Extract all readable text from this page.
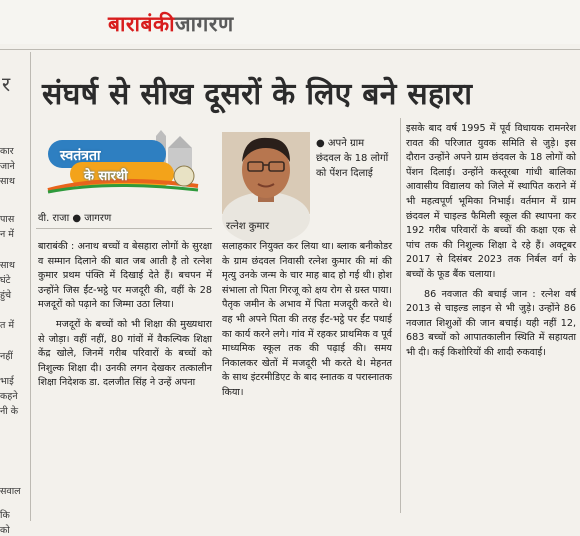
बाराबंकीजागरण
र
कार
जाने
साथ
पास
न में
साथ
घंटे
हुंचे
त में
नहीं
भाई
कहने
नी के
सवाल
कि
को
संघर्ष से सीख दूसरों के लिए बने सहारा
स्वतंत्रता
के सारथी
वी. राजा ● जागरण
रत्नेश कुमार
● अपने ग्राम छंदवल के 18 लोगों को पेंशन दिलाई

बाराबंकी : अनाथ बच्चों व बेसहारा लोगों के सुरक्षा व सम्मान दिलाने की बात जब आती है तो रत्नेश कुमार प्रथम पंक्ति में दिखाई देते हैं। बचपन में उन्होंने जिस ईंट-भट्ठे पर मजदूरी की, वहीं के 28 मजदूरों को पढ़ाने का जिम्मा उठा लिया।

मजदूरों के बच्चों को भी शिक्षा की मुख्यधारा से जोड़ा। वहीं नहीं, 80 गांवों में वैकल्पिक शिक्षा केंद्र खोले, जिनमें गरीब परिवारों के बच्चों को निशुल्क शिक्षा दी। उनकी लगन देखकर तत्कालीन शिक्षा निदेशक डा. दलजीत सिंह ने उन्हें अपना

सलाहकार नियुक्त कर लिया था। ब्लाक बनीकोडर के ग्राम छंदवल निवासी रत्नेश कुमार की मां की मृत्यु उनके जन्म के चार माह बाद हो गई थी। होश संभाला तो पिता गिरजू को क्षय रोग से ग्रस्त पाया। पैतृक जमीन के अभाव में पिता मजदूरी करते थे। वह भी अपने पिता की तरह ईंट-भट्ठे पर ईंट पथाई का कार्य करने लगे। गांव में रहकर प्राथमिक व पूर्व माध्यमिक स्कूल तक की पढ़ाई की। समय निकालकर खेतों में मजदूरी भी करते थे। मेहनत के साथ इंटरमीडिएट के बाद स्नातक व परास्नातक किया।

इसके बाद वर्ष 1995 में पूर्व विधायक रामनरेश रावत की परिजात युवक समिति से जुड़े। इस दौरान उन्होंने अपने ग्राम छंदवल के 18 लोगों को पेंशन दिलाई। उन्होंने कस्तूरबा गांधी बालिका आवासीय विद्यालय को जिले में स्थापित कराने में भी महत्वपूर्ण भूमिका निभाई। वर्तमान में ग्राम छंदवल में चाइल्ड फैमिली स्कूल की स्थापना कर 192 गरीब परिवारों के बच्चों की कक्षा एक से पांच तक की निशुल्क शिक्षा दे रहे हैं। अक्टूबर 2017 से दिसंबर 2023 तक निर्बल वर्ग के बच्चों के फूड बैंक चलाया।

86 नवजात की बचाई जान : रत्नेश वर्ष 2013 से चाइल्ड लाइन से भी जुड़े। उन्होंने 86 नवजात शिशुओं की जान बचाई। यही नहीं 12, 683 बच्चों को आपातकालीन स्थिति में सहायता भी दी। कई किशोरियों की शादी रुकवाई।
